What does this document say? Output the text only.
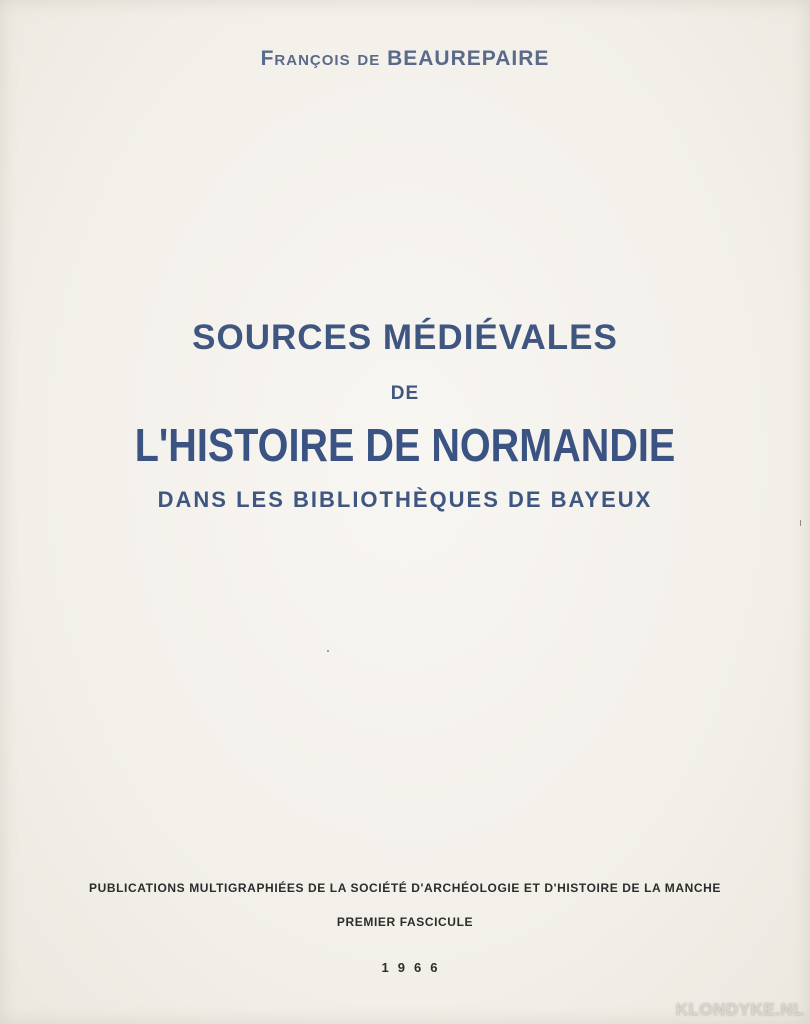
François de BEAUREPAIRE
SOURCES MÉDIÉVALES
DE
L'HISTOIRE DE NORMANDIE
DANS LES BIBLIOTHÈQUES DE BAYEUX
PUBLICATIONS MULTIGRAPHIÉES DE LA SOCIÉTÉ D'ARCHÉOLOGIE ET D'HISTOIRE DE LA MANCHE
PREMIER FASCICULE
1966
KLONDYKE.NL
